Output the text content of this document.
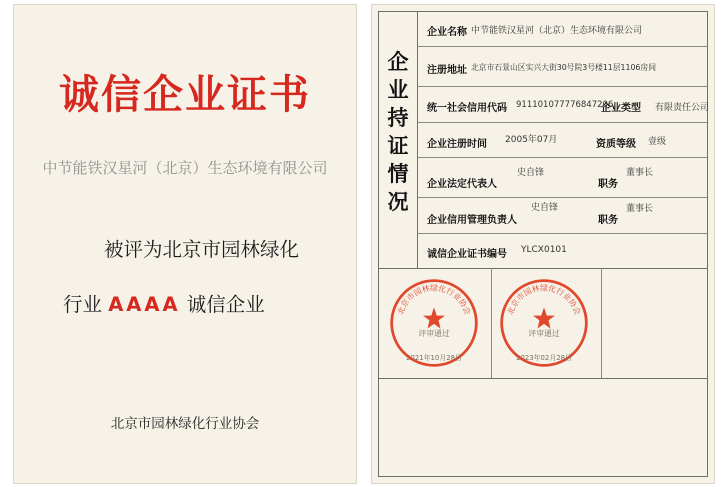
诚信企业证书
中节能铁汉星河（北京）生态环境有限公司
被评为北京市园林绿化
行业 AAAA 诚信企业
北京市园林绿化行业协会
企
业
持
证
情
况
企业名称 中节能铁汉星河（北京）生态环境有限公司
注册地址 北京市石景山区实兴大街30号院3号楼11层1106房间
统一社会信用代码 911101077776847206
企业类型 有限责任公司
企业注册时间 2005年07月	资质等级 壹级
企业法定代表人
史自锋
职务
董事长
企业信用管理负责人
史自锋
职务
董事长
诚信企业证书编号 YLCX0101
北京市园林绿化行业协会
评审通过
2021年10月28日
北京市园林绿化行业协会
评审通过
2023年02月28日
